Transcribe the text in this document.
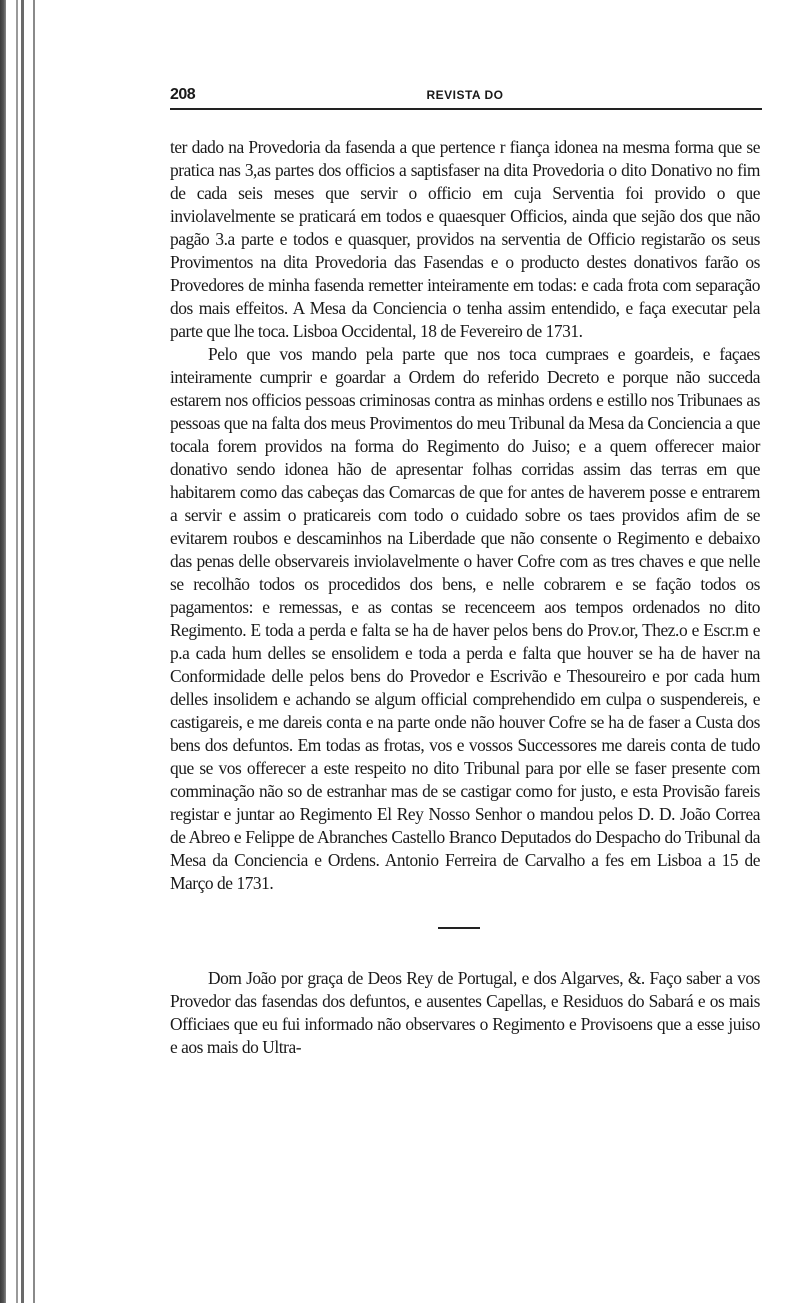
208	REVISTA DO

ter dado na Provedoria da fasenda a que pertence r fiança idonea na mesma forma que se pratica nas 3,as partes dos officios a saptisfaser na dita Provedoria o dito Donativo no fim de cada seis meses que servir o officio em cuja Serventia foi provido o que inviolavelmente se praticará em todos e quaesquer Officios, ainda que sejão dos que não pagão 3.a parte e todos e quasquer, providos na serventia de Officio registarão os seus Provimentos na dita Provedoria das Fasendas e o producto destes donativos farão os Provedores de minha fasenda remetter inteiramente em todas: e cada frota com separação dos mais effeitos. A Mesa da Conciencia o tenha assim entendido, e faça executar pela parte que lhe toca. Lisboa Occidental, 18 de Fevereiro de 1731.

Pelo que vos mando pela parte que nos toca cumpraes e goardeis, e façaes inteiramente cumprir e goardar a Ordem do referido Decreto e porque não succeda estarem nos officios pessoas criminosas contra as minhas ordens e estillo nos Tribunaes as pessoas que na falta dos meus Provimentos do meu Tribunal da Mesa da Conciencia a que tocala forem providos na forma do Regimento do Juiso; e a quem offerecer maior donativo sendo idonea hão de apresentar folhas corridas assim das terras em que habitarem como das cabeças das Comarcas de que for antes de haverem posse e entrarem a servir e assim o praticareis com todo o cuidado sobre os taes providos afim de se evitarem roubos e descaminhos na Liberdade que não consente o Regimento e debaixo das penas delle observareis inviolavelmente o haver Cofre com as tres chaves e que nelle se recolhão todos os procedidos dos bens, e nelle cobrarem e se fação todos os pagamentos: e remessas, e as contas se recenceem aos tempos ordenados no dito Regimento. E toda a perda e falta se ha de haver pelos bens do Prov.or, Thez.o e Escr.m e p.a cada hum delles se ensolidem e toda a perda e falta que houver se ha de haver na Conformidade delle pelos bens do Provedor e Escrivão e Thesoureiro e por cada hum delles insolidem e achando se algum official comprehendido em culpa o suspendereis, e castigareis, e me dareis conta e na parte onde não houver Cofre se ha de faser a Custa dos bens dos defuntos. Em todas as frotas, vos e vossos Successores me dareis conta de tudo que se vos offerecer a este respeito no dito Tribunal para por elle se faser presente com comminação não so de estranhar mas de se castigar como for justo, e esta Provisão fareis registar e juntar ao Regimento El Rey Nosso Senhor o mandou pelos D. D. João Correa de Abreo e Felippe de Abranches Castello Branco Deputados do Despacho do Tribunal da Mesa da Conciencia e Ordens. Antonio Ferreira de Carvalho a fes em Lisboa a 15 de Março de 1731.

Dom João por graça de Deos Rey de Portugal, e dos Algarves, &. Faço saber a vos Provedor das fasendas dos defuntos, e ausentes Capellas, e Residuos do Sabará e os mais Officiaes que eu fui informado não observares o Regimento e Provisoens que a esse juiso e aos mais do Ultra-
